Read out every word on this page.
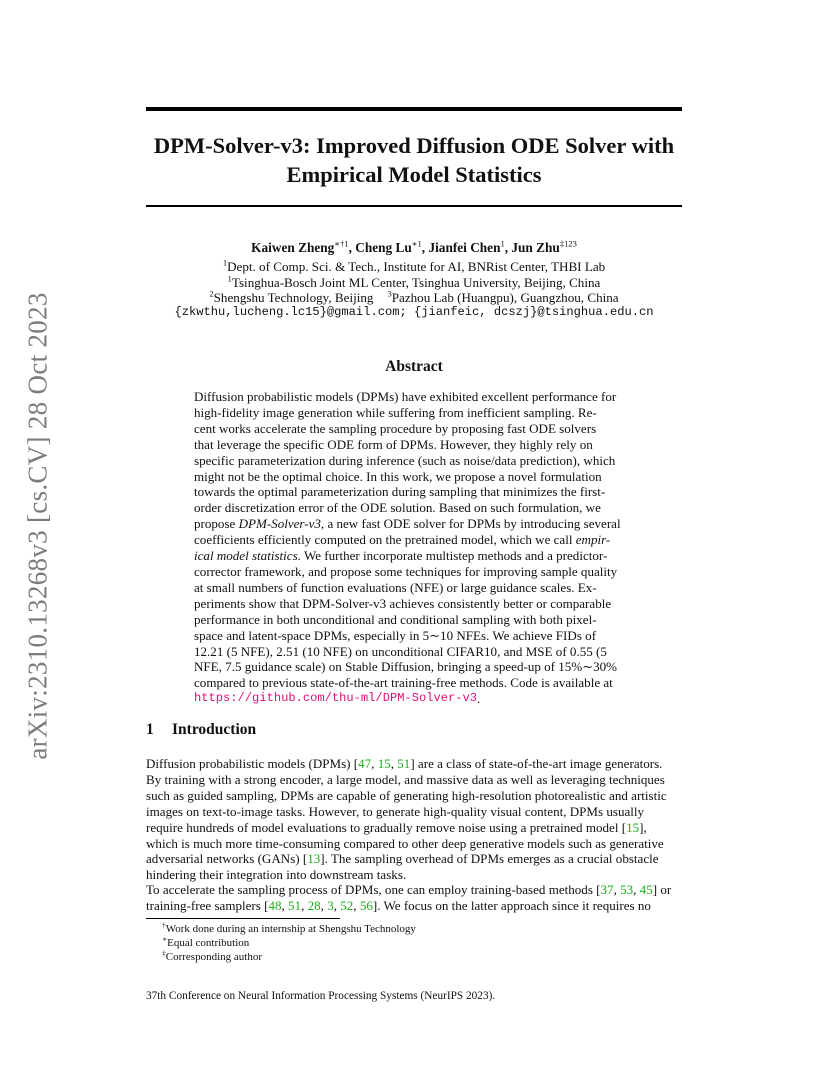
arXiv:2310.13268v3 [cs.CV] 28 Oct 2023
DPM-Solver-v3: Improved Diffusion ODE Solver with
Empirical Model Statistics
Kaiwen Zheng$^{∗\dagger 1}$, Cheng $Lu^{∗1}$, Jianfei Chen$^1$, Jun Zhu$^{\ddagger 123}$
$^1$Dept. of Comp. Sci. & Tech., Institute for AI, BNRist Center, THBI Lab
$^1$Tsinghua-Bosch Joint ML Center, Tsinghua University, Beijing, China
$^2$Shengshu Technology, Beijing $^3$Pazhou Lab (Huangpu), Guangzhou, China
{zkwthu,lucheng.lc15}@gmail.com; {jianfeic, dcszj}@tsinghua.edu.cn
Abstract
Diffusion probabilistic models (DPMs) have exhibited excellent performance for
high-fidelity image generation while suffering from inefficient sampling. Re-
cent works accelerate the sampling procedure by proposing fast ODE solvers
that leverage the specific ODE form of DPMs. However, they highly rely on
specific parameterization during inference (such as noise/data prediction), which
might not be the optimal choice. In this work, we propose a novel formulation
towards the optimal parameterization during sampling that minimizes the first-
order discretization error of the ODE solution. Based on such formulation, we
propose DPM-Solver-v3 , a new fast ODE solver for DPMs by introducing several
coefficients efficiently computed on the pretrained model, which we call empir-
ical model statistics . We further incorporate multistep methods and a predictor-
corrector framework, and propose some techniques for improving sample quality
at small numbers of function evaluations (NFE) or large guidance scales. Ex-
periments show that DPM-Solver-v3 achieves consistently better or comparable
performance in both unconditional and conditional sampling with both pixel-
space and latent-space DPMs, especially in 5∼10 NFEs. We achieve FIDs of
12.21 (5 NFE), 2.51 (10 NFE) on unconditional CIFAR10, and MSE of 0.55 (5
NFE, 7.5 guidance scale) on Stable Diffusion, bringing a speed-up of 15%∼30%
compared to previous state-of-the-art training-free methods. Code is available at
https://github.com/thu-ml/DPM-Solver-v3 .
1 Introduction
Diffusion probabilistic models (DPMs) [ 47 , 15 , 51 ] are a class of state-of-the-art image generators.
By training with a strong encoder, a large model, and massive data as well as leveraging techniques
such as guided sampling, DPMs are capable of generating high-resolution photorealistic and artistic
images on text-to-image tasks. However, to generate high-quality visual content, DPMs usually
require hundreds of model evaluations to gradually remove noise using a pretrained model [ 15 ],
which is much more time-consuming compared to other deep generative models such as generative
adversarial networks (GANs) [ 13 ]. The sampling overhead of DPMs emerges as a crucial obstacle
hindering their integration into downstream tasks.
To accelerate the sampling process of DPMs, one can employ training-based methods [ 37 , 53 , 45 ] or
training-free samplers [ 48 , 51 , 28 , 3 , 52 , 56 ]. We focus on the latter approach since it requires no
†Work done during an internship at Shengshu Technology
∗Equal contribution
‡Corresponding author
37th Conference on Neural Information Processing Systems (NeurIPS 2023).
